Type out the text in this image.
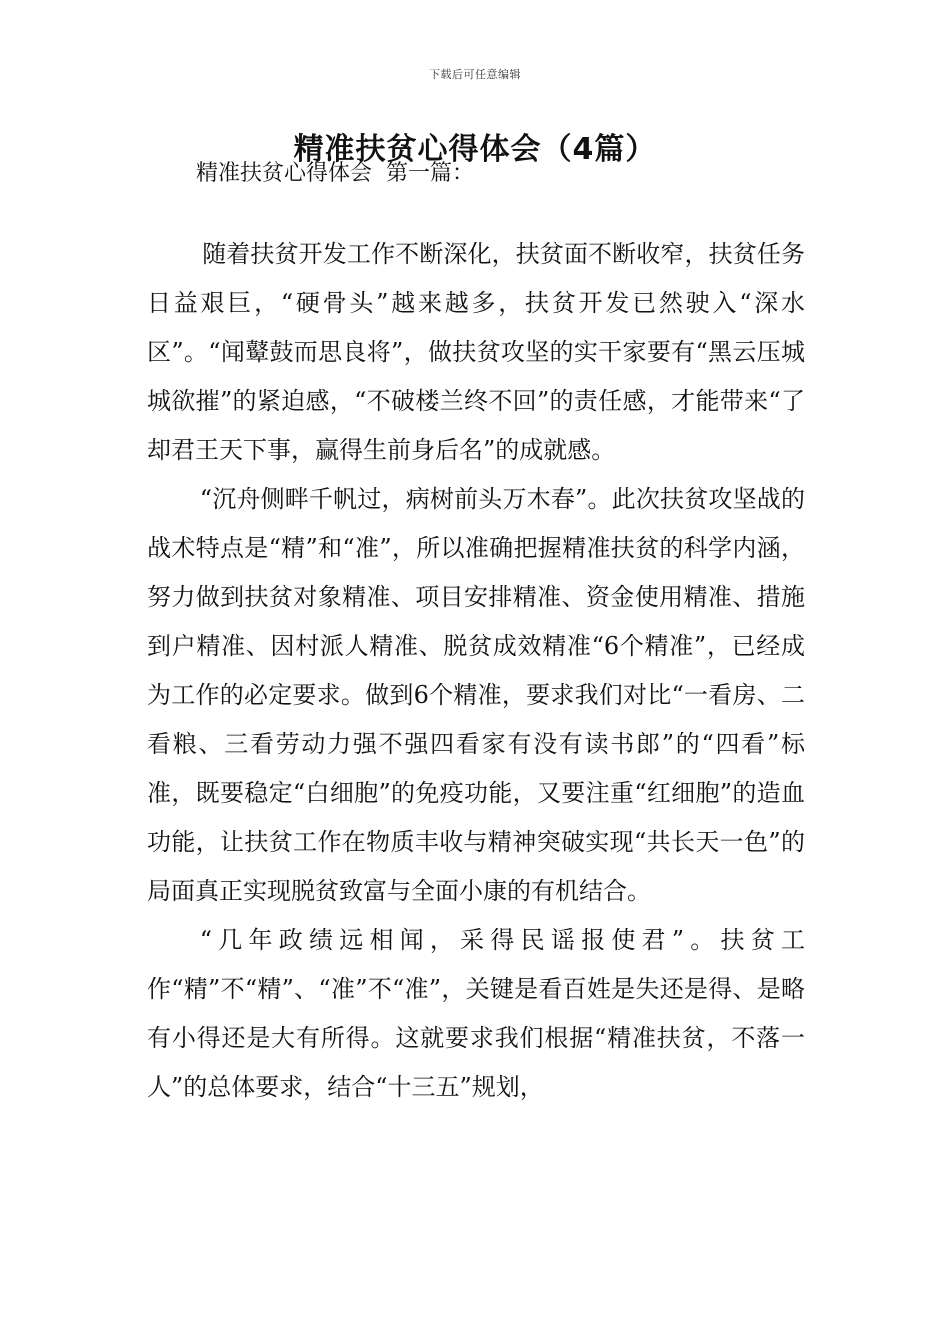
下载后可任意编辑
精准扶贫心得体会（4篇）

精准扶贫心得体会  第一篇：

随着扶贫开发工作不断深化，扶贫面不断收窄，扶贫任务日益艰巨，“硬骨头”越来越多，扶贫开发已然驶入“深水区”。“闻鼙鼓而思良将”，做扶贫攻坚的实干家要有“黑云压城城欲摧”的紧迫感，“不破楼兰终不回”的责任感，才能带来“了却君王天下事，赢得生前身后名”的成就感。

“沉舟侧畔千帆过，病树前头万木春”。此次扶贫攻坚战的战术特点是“精”和“准”，所以准确把握精准扶贫的科学内涵，努力做到扶贫对象精准、项目安排精准、资金使用精准、措施到户精准、因村派人精准、脱贫成效精准“6个精准”，已经成为工作的必定要求。做到6个精准，要求我们对比“一看房、二看粮、三看劳动力强不强四看家有没有读书郎”的“四看”标准，既要稳定“白细胞”的免疫功能，又要注重“红细胞”的造血功能，让扶贫工作在物质丰收与精神突破实现“共长天一色”的局面真正实现脱贫致富与全面小康的有机结合。

“几年政绩远相闻，采得民谣报使君”。扶贫工作“精”不“精”、“准”不“准”，关键是看百姓是失还是得、是略有小得还是大有所得。这就要求我们根据“精准扶贫，不落一人”的总体要求，结合“十三五”规划，
